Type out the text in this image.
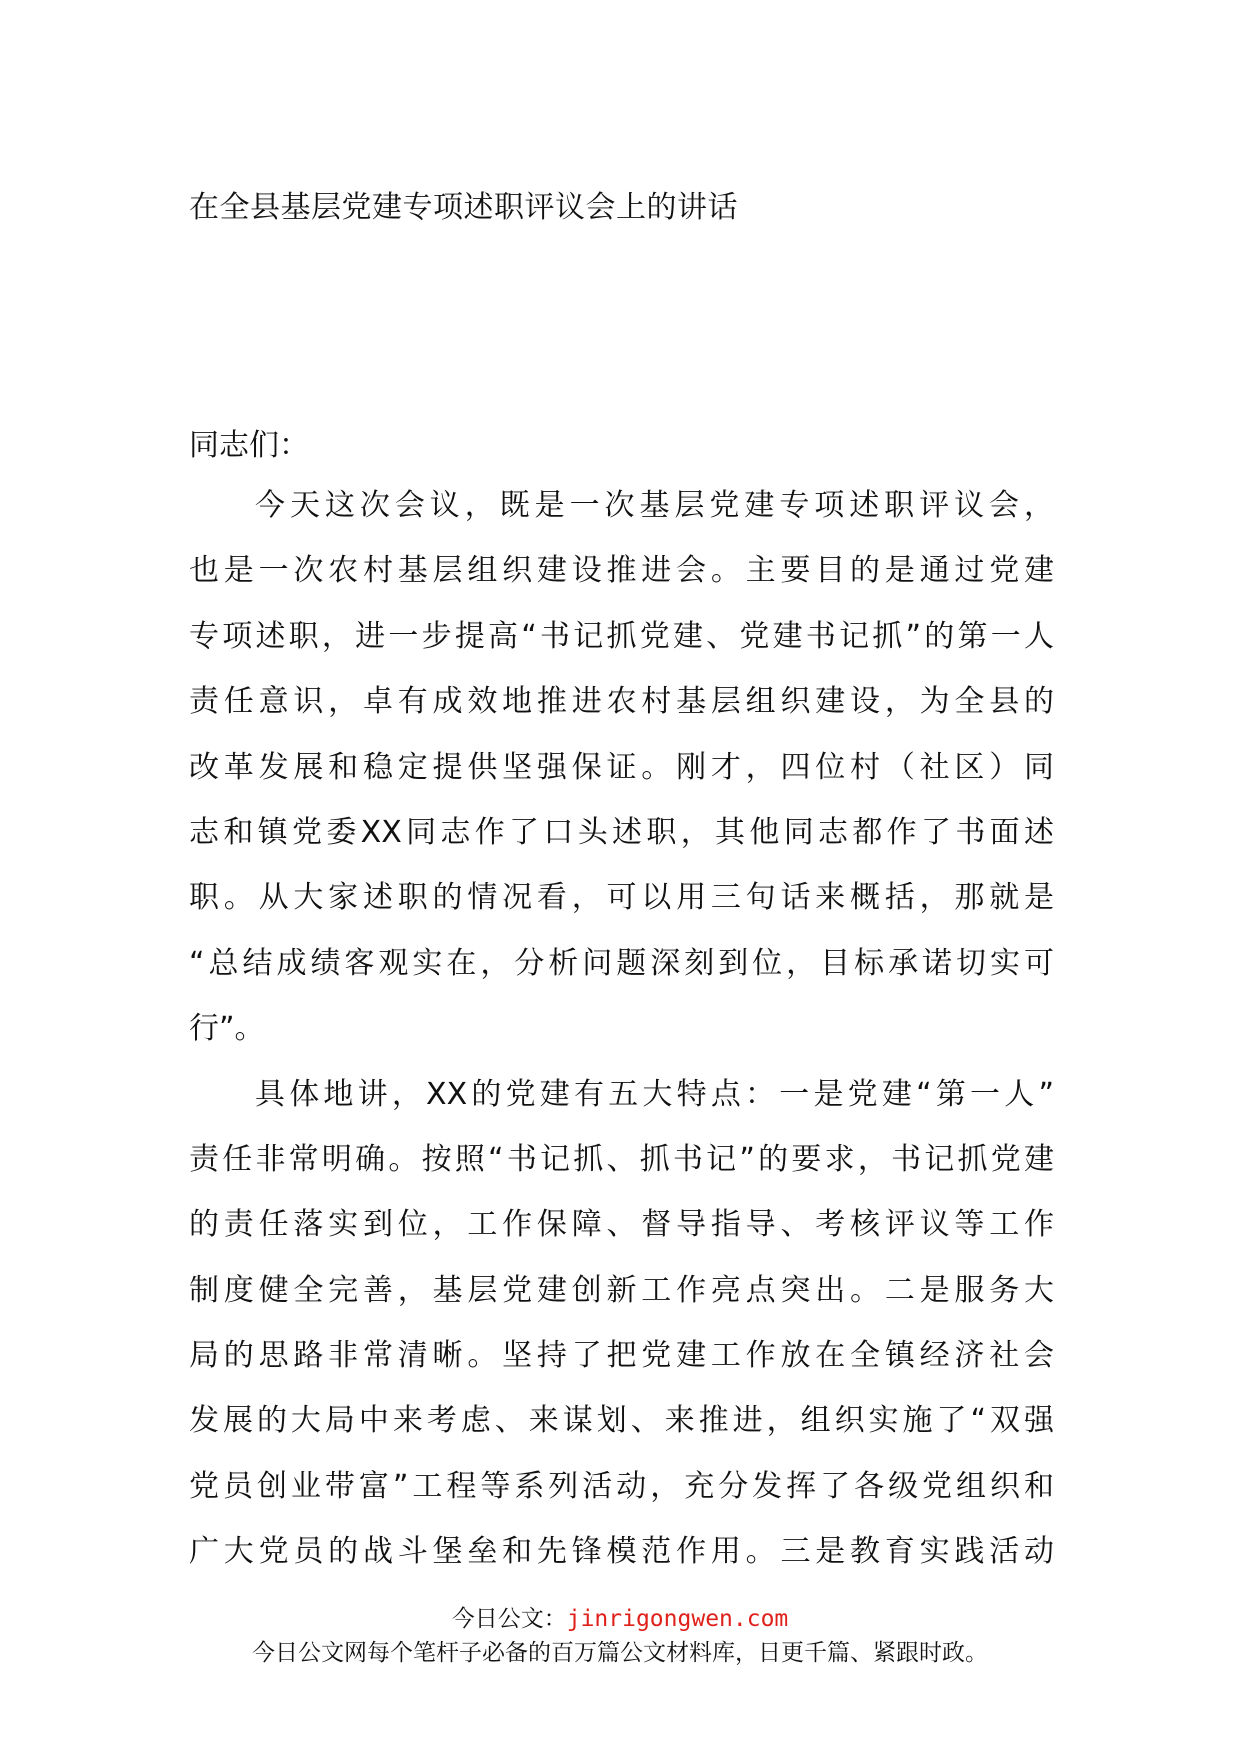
在全县基层党建专项述职评议会上的讲话
同志们：
今天这次会议，既是一次基层党建专项述职评议会，
也是一次农村基层组织建设推进会。主要目的是通过党建
专项述职，进一步提高“书记抓党建、党建书记抓”的第一人
责任意识，卓有成效地推进农村基层组织建设，为全县的
改革发展和稳定提供坚强保证。刚才，四位村（社区）同
志和镇党委XX同志作了口头述职，其他同志都作了书面述
职。从大家述职的情况看，可以用三句话来概括，那就是
“总结成绩客观实在，分析问题深刻到位，目标承诺切实可
行”。
具体地讲，XX的党建有五大特点：一是党建“第一人”
责任非常明确。按照“书记抓、抓书记”的要求，书记抓党建
的责任落实到位，工作保障、督导指导、考核评议等工作
制度健全完善，基层党建创新工作亮点突出。二是服务大
局的思路非常清晰。坚持了把党建工作放在全镇经济社会
发展的大局中来考虑、来谋划、来推进，组织实施了“双强
党员创业带富”工程等系列活动，充分发挥了各级党组织和
广大党员的战斗堡垒和先锋模范作用。三是教育实践活动
今日公文：jinrigongwen.com
今日公文网每个笔杆子必备的百万篇公文材料库，日更千篇、紧跟时政。
